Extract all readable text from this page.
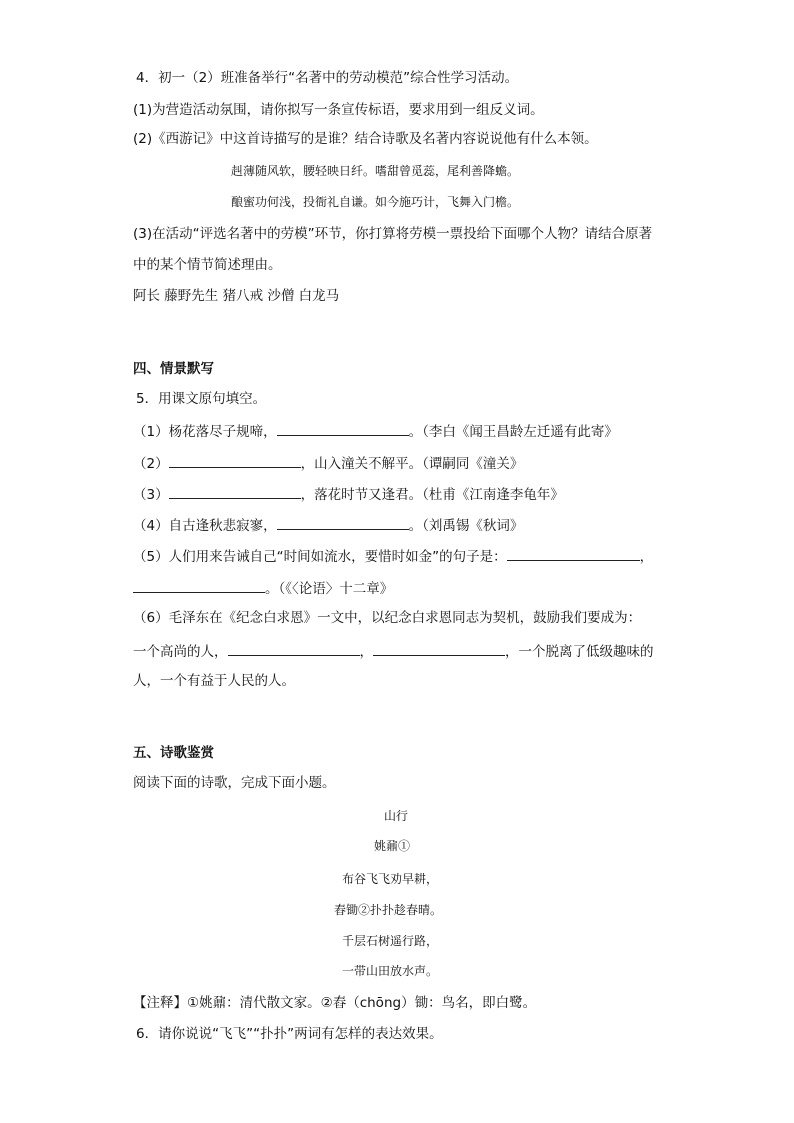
4．初一（2）班准备举行“名著中的劳动模范”综合性学习活动。
(1)为营造活动氛围，请你拟写一条宣传标语，要求用到一组反义词。
(2)《西游记》中这首诗描写的是谁？结合诗歌及名著内容说说他有什么本领。
赳薄随风软，腰轻映日纤。嗜甜曾觅蕊，尾利善降蟾。
酿蜜功何浅，投衙礼自谦。如今施巧计，飞舞入门檐。
(3)在活动“评选名著中的劳模”环节，你打算将劳模一票投给下面哪个人物？请结合原著
中的某个情节简述理由。
阿长 藤野先生 猪八戒 沙僧 白龙马
四、情景默写
5．用课文原句填空。
（1）杨花落尽子规啼，	。（李白《闻王昌龄左迁遥有此寄》
（2）	，山入潼关不解平。（谭嗣同《潼关》
（3）	，落花时节又逢君。（杜甫《江南逢李龟年》
（4）自古逢秋悲寂寥，	。（刘禹锡《秋词》
（5）人们用来告诫自己“时间如流水，要惜时如金”的句子是：	，
。（《〈论语〉十二章》
（6）毛泽东在《纪念白求恩》一文中，以纪念白求恩同志为契机，鼓励我们要成为：
一个高尚的人，	，	，一个脱离了低级趣味的
人，一个有益于人民的人。
五、诗歌鉴赏
阅读下面的诗歌，完成下面小题。
山行
姚鼐①
布谷飞飞劝早耕，
舂锄②扑扑趁春晴。
千层石树遥行路，
一带山田放水声。
【注释】①姚鼐：清代散文家。②舂（chōng）锄：鸟名，即白鹭。
6．请你说说“飞飞”“扑扑”两词有怎样的表达效果。
